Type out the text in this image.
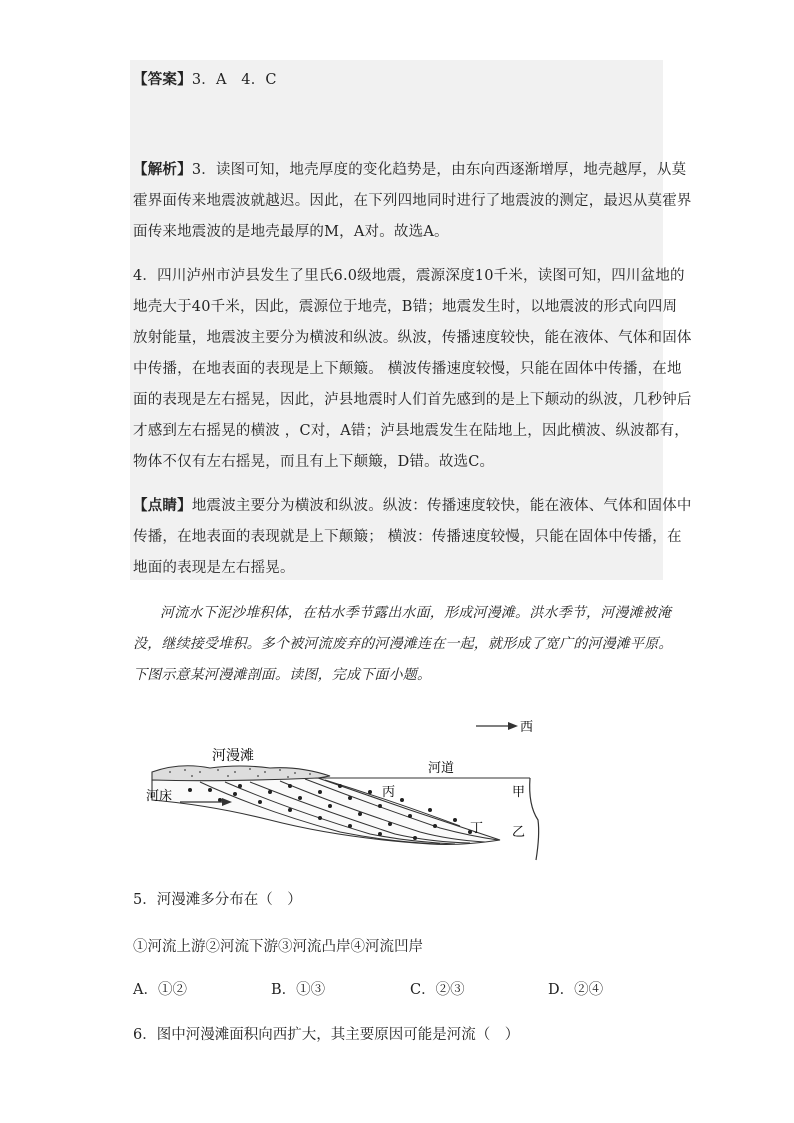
【答案】3．A　4．C
【解析】3．读图可知，地壳厚度的变化趋势是，由东向西逐渐增厚，地壳越厚，从莫
霍界面传来地震波就越迟。因此，在下列四地同时进行了地震波的测定，最迟从莫霍界
面传来地震波的是地壳最厚的M，A对。故选A。
4．四川泸州市泸县发生了里氏6.0级地震，震源深度10千米，读图可知，四川盆地的
地壳大于40千米，因此，震源位于地壳，B错；地震发生时，以地震波的形式向四周
放射能量，地震波主要分为横波和纵波。纵波，传播速度较快，能在液体、气体和固体
中传播，在地表面的表现是上下颠簸。 横波传播速度较慢，只能在固体中传播，在地
面的表现是左右摇晃，因此，泸县地震时人们首先感到的是上下颠动的纵波，几秒钟后
才感到左右摇晃的横波 ，C对，A错；泸县地震发生在陆地上，因此横波、纵波都有，
物体不仅有左右摇晃，而且有上下颠簸，D错。故选C。
【点睛】地震波主要分为横波和纵波。纵波：传播速度较快，能在液体、气体和固体中
传播，在地表面的表现就是上下颠簸； 横波：传播速度较慢，只能在固体中传播，在
地面的表现是左右摇晃。
河流水下泥沙堆积体，在枯水季节露出水面，形成河漫滩。洪水季节，河漫滩被淹
没，继续接受堆积。多个被河流废弃的河漫滩连在一起，就形成了宽广的河漫滩平原。
下图示意某河漫滩剖面。读图，完成下面小题。
西
河漫滩
河道
河床	丙	甲
丁 乙
5．河漫滩多分布在（　）
①河流上游②河流下游③河流凸岸④河流凹岸
A．①②	B．①③	C．②③	D．②④
6．图中河漫滩面积向西扩大，其主要原因可能是河流（　）
